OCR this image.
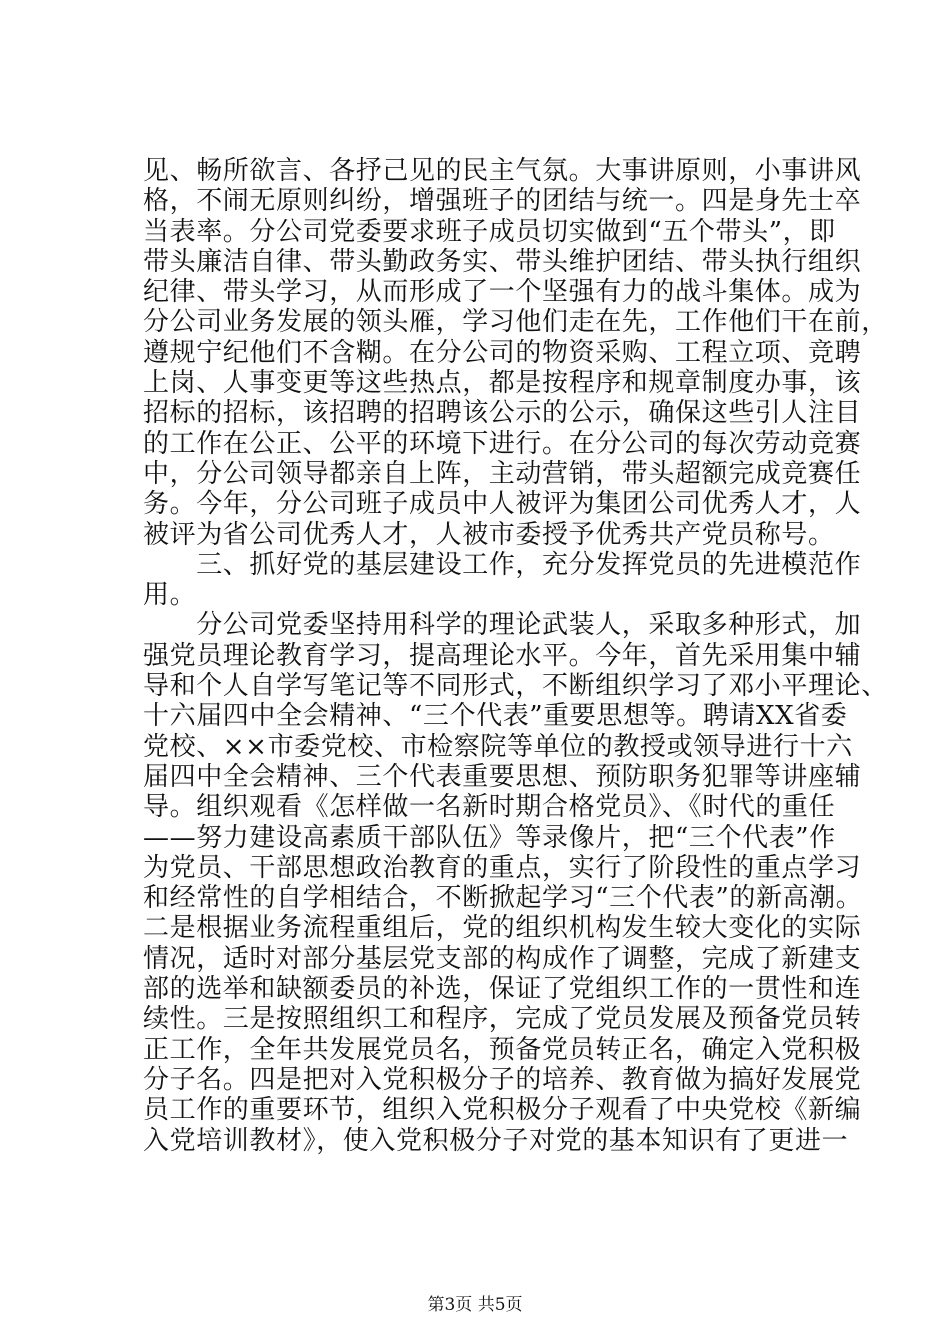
见、畅所欲言、各抒己见的民主气氛。大事讲原则，小事讲风
格，不闹无原则纠纷，增强班子的团结与统一。四是身先士卒
当表率。分公司党委要求班子成员切实做到“五个带头”，即
带头廉洁自律、带头勤政务实、带头维护团结、带头执行组织
纪律、带头学习，从而形成了一个坚强有力的战斗集体。成为
分公司业务发展的领头雁，学习他们走在先，工作他们干在前，
遵规宁纪他们不含糊。在分公司的物资采购、工程立项、竞聘
上岗、人事变更等这些热点，都是按程序和规章制度办事，该
招标的招标，该招聘的招聘该公示的公示，确保这些引人注目
的工作在公正、公平的环境下进行。在分公司的每次劳动竞赛
中，分公司领导都亲自上阵，主动营销，带头超额完成竞赛任
务。今年，分公司班子成员中人被评为集团公司优秀人才，人
被评为省公司优秀人才，人被市委授予优秀共产党员称号。
　　三、抓好党的基层建设工作，充分发挥党员的先进模范作
用。
　　分公司党委坚持用科学的理论武装人，采取多种形式，加
强党员理论教育学习，提高理论水平。今年，首先采用集中辅
导和个人自学写笔记等不同形式，不断组织学习了邓小平理论、
十六届四中全会精神、“三个代表”重要思想等。聘请XX省委
党校、××市委党校、市检察院等单位的教授或领导进行十六
届四中全会精神、三个代表重要思想、预防职务犯罪等讲座辅
导。组织观看《怎样做一名新时期合格党员》、《时代的重任
——努力建设高素质干部队伍》等录像片，把“三个代表”作
为党员、干部思想政治教育的重点，实行了阶段性的重点学习
和经常性的自学相结合，不断掀起学习“三个代表”的新高潮。
二是根据业务流程重组后，党的组织机构发生较大变化的实际
情况，适时对部分基层党支部的构成作了调整，完成了新建支
部的选举和缺额委员的补选，保证了党组织工作的一贯性和连
续性。三是按照组织工和程序，完成了党员发展及预备党员转
正工作，全年共发展党员名，预备党员转正名，确定入党积极
分子名。四是把对入党积极分子的培养、教育做为搞好发展党
员工作的重要环节，组织入党积极分子观看了中央党校《新编
入党培训教材》，使入党积极分子对党的基本知识有了更进一
第3页 共5页
